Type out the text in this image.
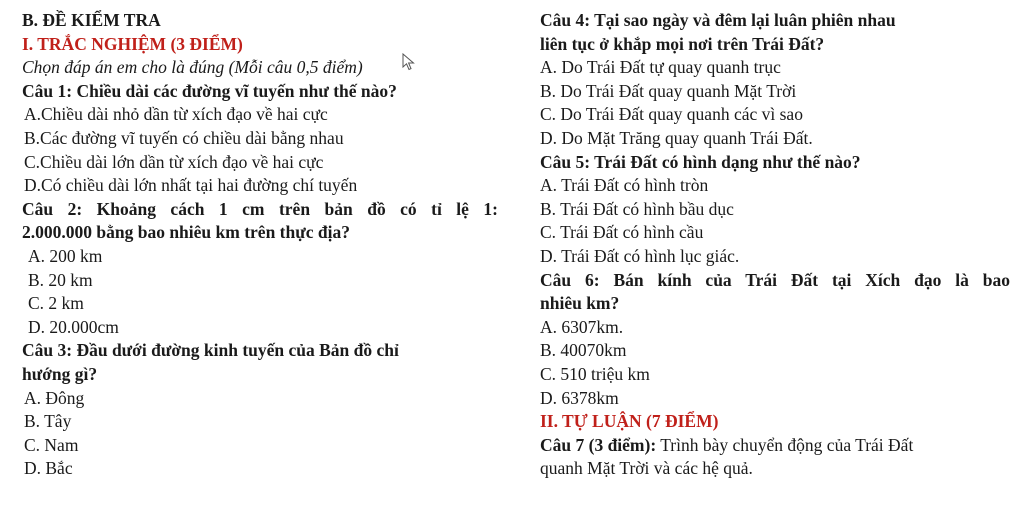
B. ĐỀ KIỂM TRA
I. TRẮC NGHIỆM (3 ĐIỂM)
Chọn đáp án em cho là đúng (Mỗi câu 0,5 điểm)
Câu 1: Chiều dài các đường vĩ tuyến như thế nào?
A.Chiều dài nhỏ dần từ xích đạo về hai cực
B.Các đường vĩ tuyến có chiều dài bằng nhau
C.Chiều dài lớn dần từ xích đạo về hai cực
D.Có chiều dài lớn nhất tại hai đường chí tuyến
Câu 2: Khoảng cách 1 cm trên bản đồ có tỉ lệ 1:
2.000.000 bằng bao nhiêu km trên thực địa?
A. 200 km
B. 20 km
C. 2 km
D. 20.000cm
Câu 3: Đầu dưới đường kinh tuyến của Bản đồ chỉ
hướng gì?
A. Đông
B. Tây
C. Nam
D. Bắc
Câu 4: Tại sao ngày và đêm lại luân phiên nhau
liên tục ở khắp mọi nơi trên Trái Đất?
A. Do Trái Đất tự quay quanh trục
B. Do Trái Đất quay quanh Mặt Trời
C. Do Trái Đất quay quanh các vì sao
D. Do Mặt Trăng quay quanh Trái Đất.
Câu 5: Trái Đất có hình dạng như thế nào?
A. Trái Đất có hình tròn
B. Trái Đất có hình bầu dục
C. Trái Đất có hình cầu
D. Trái Đất có hình lục giác.
Câu 6: Bán kính của Trái Đất tại Xích đạo là bao
nhiêu km?
A. 6307km.
B. 40070km
C. 510 triệu km
D. 6378km
II. TỰ LUẬN (7 ĐIỂM)
Câu 7 (3 điểm): Trình bày chuyển động của Trái Đất
quanh Mặt Trời và các hệ quả.
